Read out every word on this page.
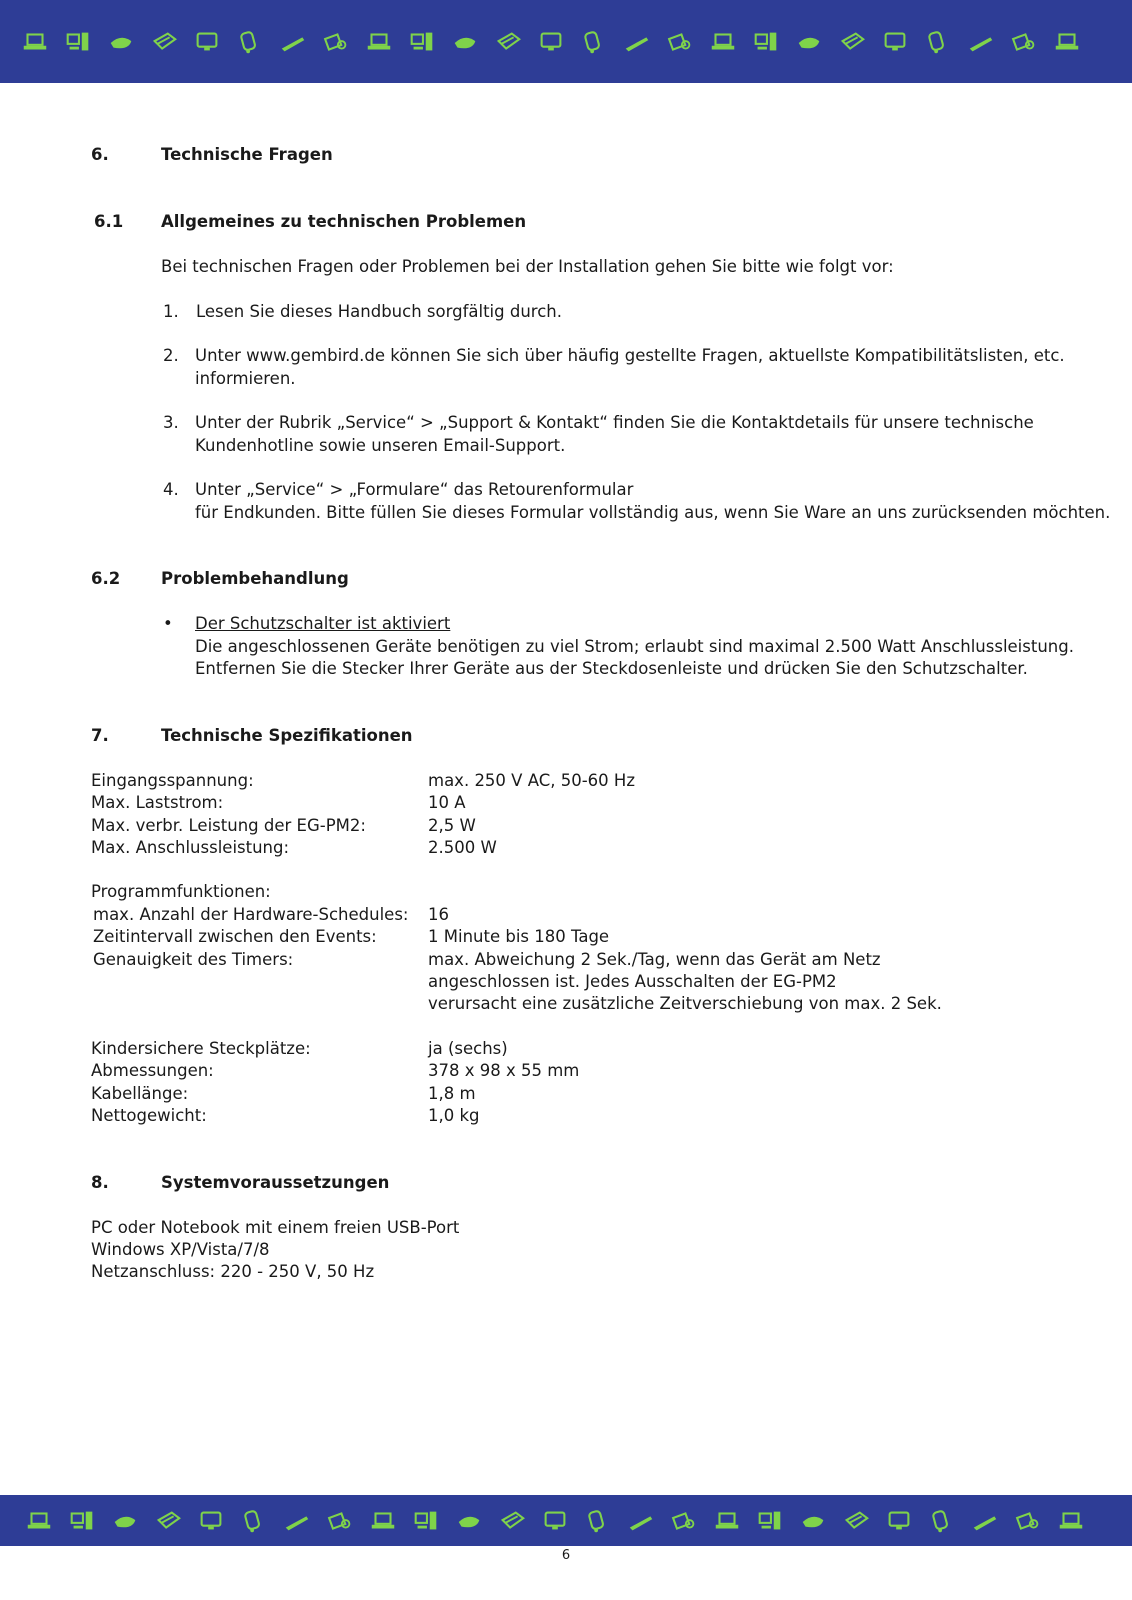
6.	Technische Fragen
6.1 Allgemeines zu technischen Problemen
Bei technischen Fragen oder Problemen bei der Installation gehen Sie bitte wie folgt vor:
1. Lesen Sie dieses Handbuch sorgfältig durch.
2. Unter www.gembird.de können Sie sich über häufig gestellte Fragen, aktuellste Kompatibilitätslisten, etc.
informieren.
3. Unter der Rubrik „Service“ > „Support & Kontakt“ finden Sie die Kontaktdetails für unsere technische
Kundenhotline sowie unseren Email-Support.
4. Unter „Service“ > „Formulare“ das Retourenformular
für Endkunden. Bitte füllen Sie dieses Formular vollständig aus, wenn Sie Ware an uns zurücksenden möchten.
6.2 Problembehandlung
• Der Schutzschalter ist aktiviert
Die angeschlossenen Geräte benötigen zu viel Strom; erlaubt sind maximal 2.500 Watt Anschlussleistung.
Entfernen Sie die Stecker Ihrer Geräte aus der Steckdosenleiste und drücken Sie den Schutzschalter.
7.	Technische Spezifikationen
Eingangsspannung:	max. 250 V AC, 50-60 Hz
Max. Laststrom:	10 A
Max. verbr. Leistung der EG-PM2:	2,5 W
Max. Anschlussleistung:	2.500 W
Programmfunktionen:
max. Anzahl der Hardware-Schedules: 16
Zeitintervall zwischen den Events:	1 Minute bis 180 Tage
Genauigkeit des Timers:	max. Abweichung 2 Sek./Tag, wenn das Gerät am Netz
angeschlossen ist. Jedes Ausschalten der EG-PM2
verursacht eine zusätzliche Zeitverschiebung von max. 2 Sek.
Kindersichere Steckplätze:	ja (sechs)
Abmessungen:	378 x 98 x 55 mm
Kabellänge:	1,8 m
Nettogewicht:	1,0 kg
8.	Systemvoraussetzungen
PC oder Notebook mit einem freien USB-Port
Windows XP/Vista/7/8
Netzanschluss: 220 - 250 V, 50 Hz
6
